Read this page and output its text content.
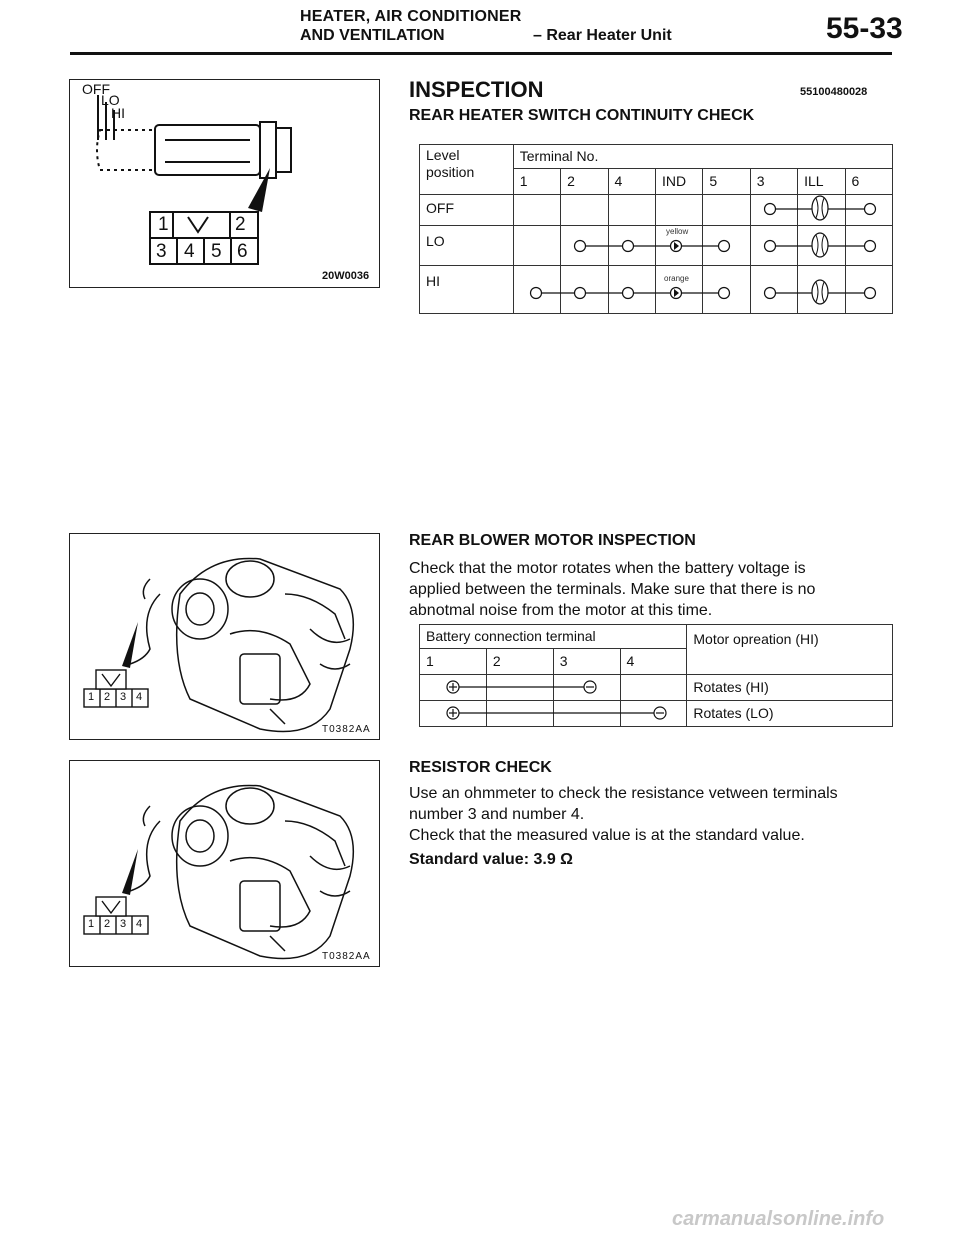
HEATER, AIR CONDITIONER
AND VENTILATION	– Rear Heater Unit	55-33
OFF
LO
HI
1	2
3 4 5 6
20W0036
INSPECTION	55100480028
REAR HEATER SWITCH CONTINUITY CHECK
Level position	Terminal No.							
	1	2	4	IND	5	3	ILL	6
OFF								
LO								
HI								
yellow
orange
1 2 3 4
T0382AA
REAR BLOWER MOTOR INSPECTION
Check that the motor rotates when the battery voltage is
applied between the terminals. Make sure that there is no
abnotmal noise from the motor at this time.
Battery connection terminal				Motor opreation (HI)
1	2	3	4	
				Rotates (HI)
				Rotates (LO)
1 2 3 4
T0382AA
RESISTOR CHECK
Use an ohmmeter to check the resistance vetween terminals
number 3 and number 4.
Check that the measured value is at the standard value.
Standard value: 3.9 Ω
carmanualsonline.info
